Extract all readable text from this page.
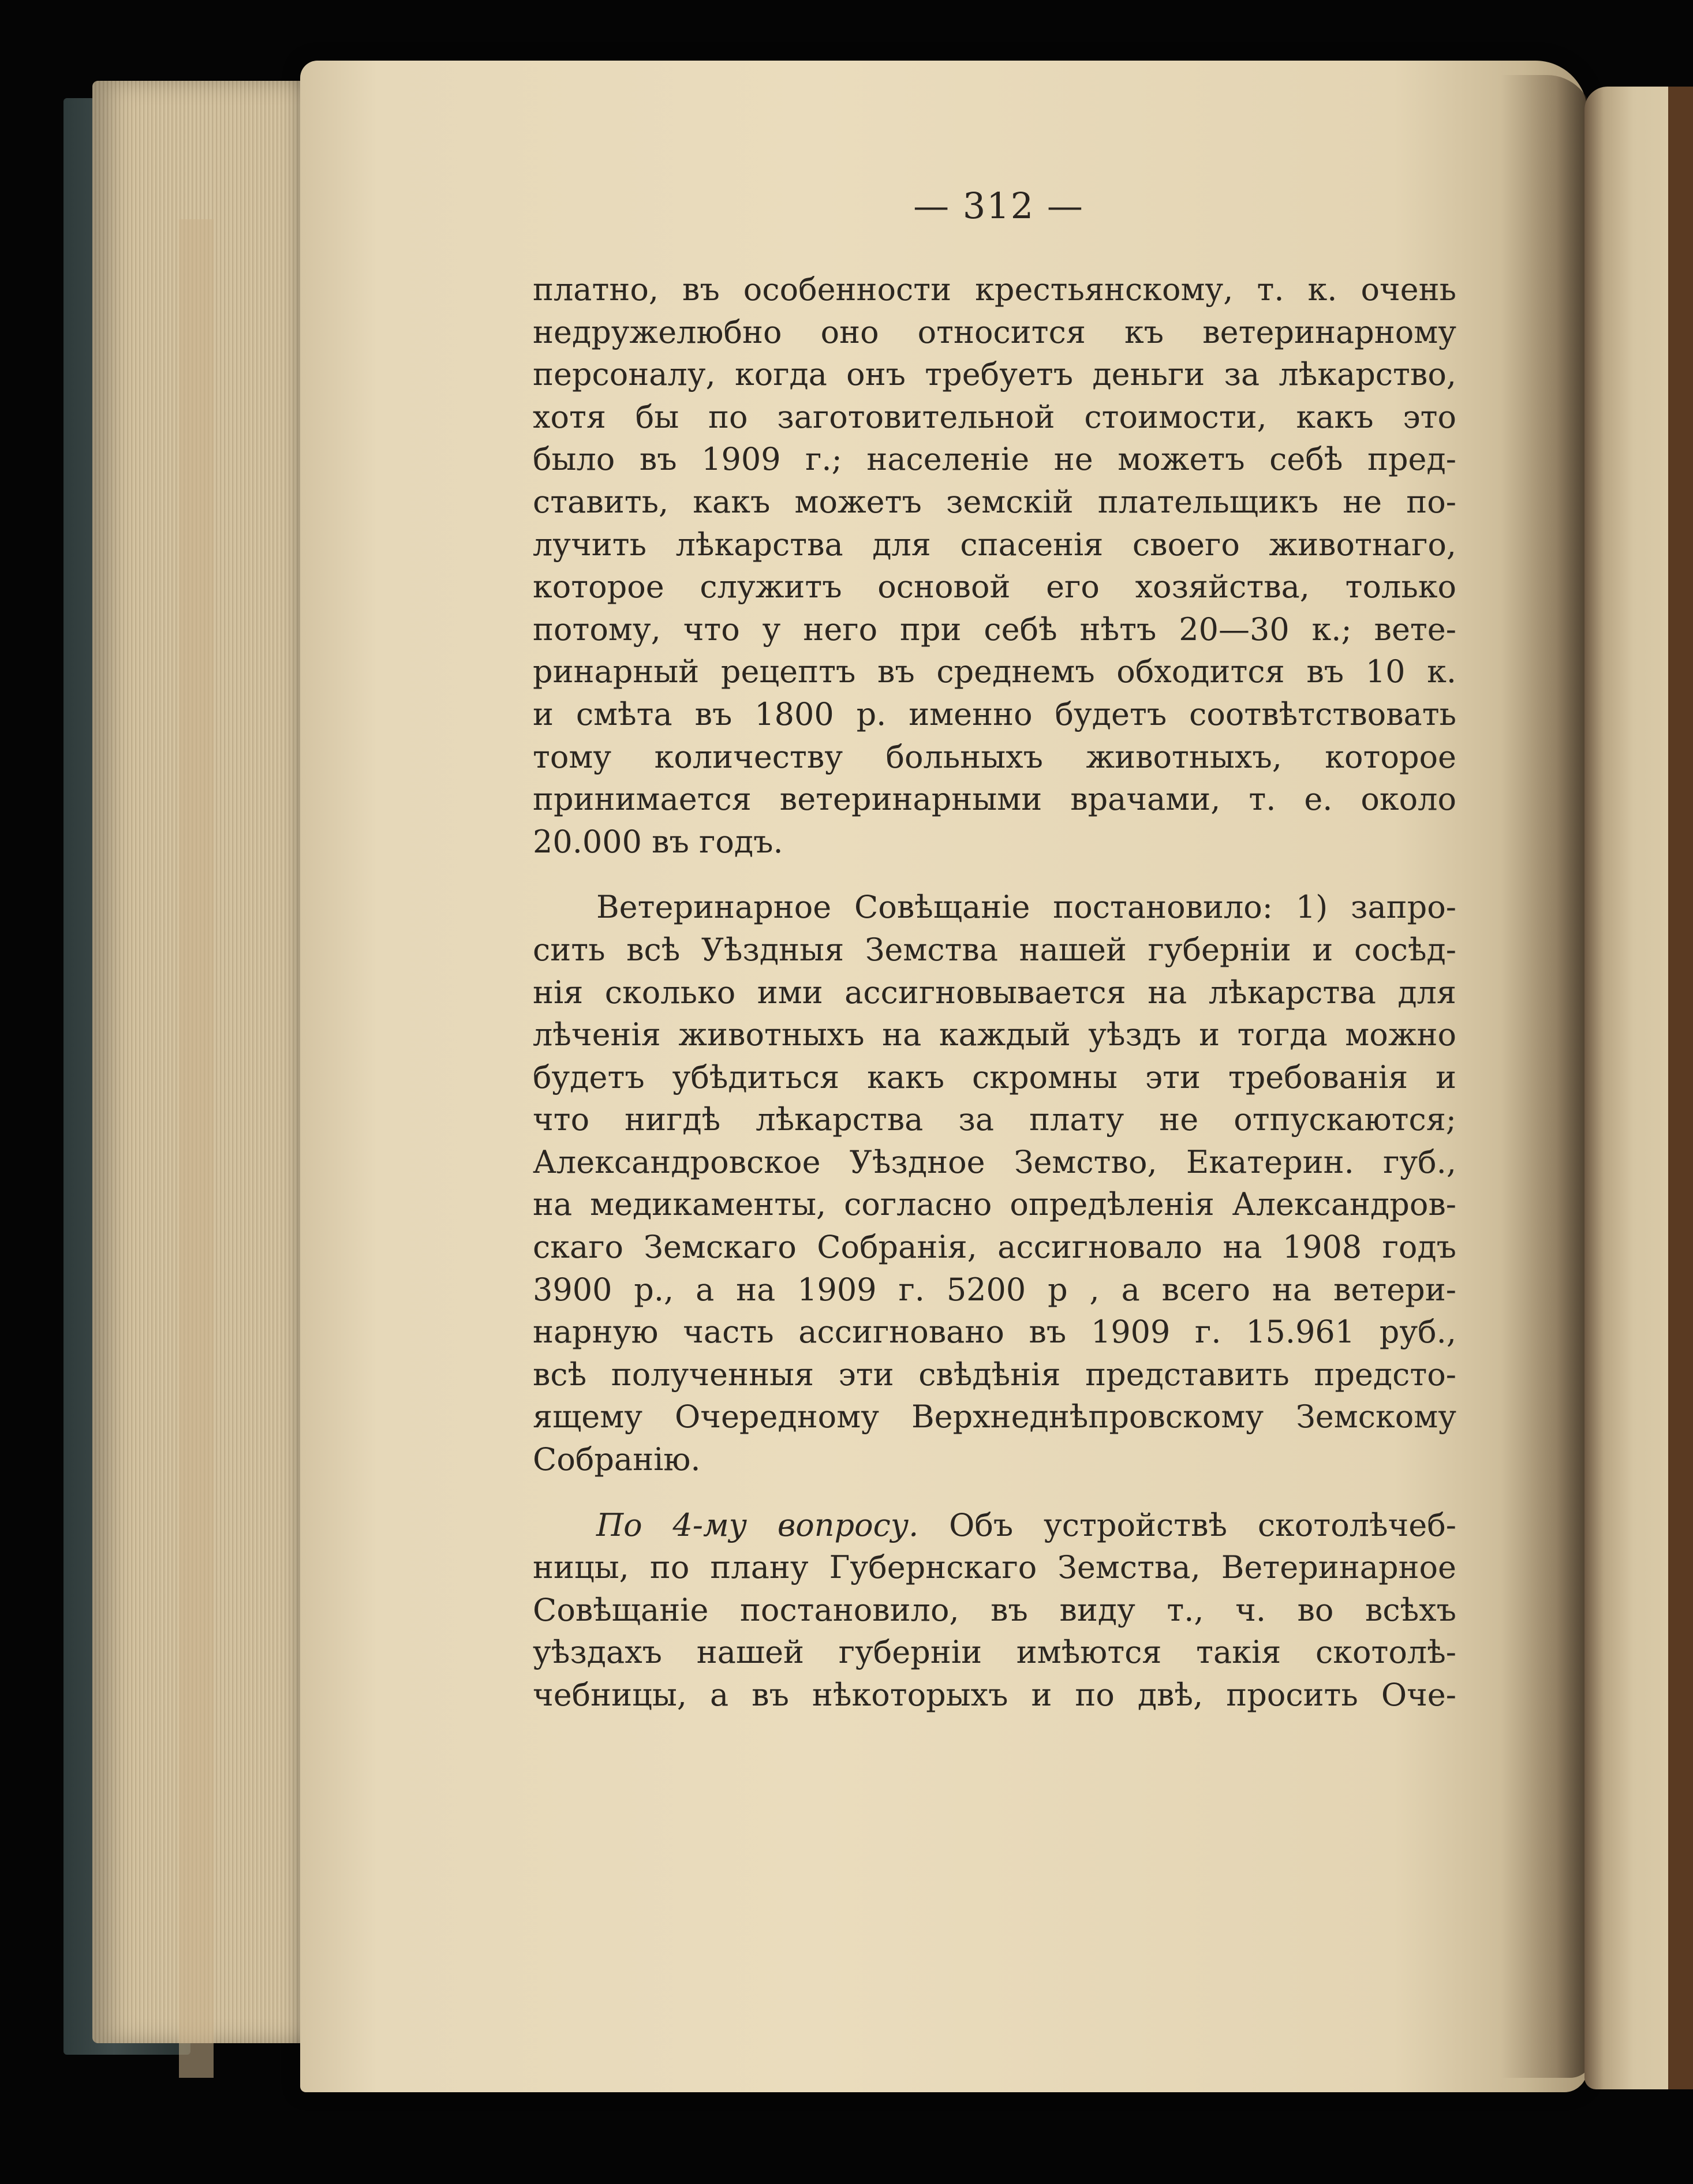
— 312 —
платно, въ особенности крестьянскому, т. к. очень
недружелюбно оно относится къ ветеринарному
персоналу, когда онъ требуетъ деньги за лѣкарство,
хотя бы по заготовительной стоимости, какъ это
было въ 1909 г.; населеніе не можетъ себѣ пред-
ставить, какъ можетъ земскій плательщикъ не по-
лучить лѣкарства для спасенія своего животнаго,
которое служитъ основой его хозяйства, только
потому, что у него при себѣ нѣтъ 20—30 к.; вете-
ринарный рецептъ въ среднемъ обходится въ 10 к.
и смѣта въ 1800 р. именно будетъ соотвѣтствовать
тому количеству больныхъ животныхъ, которое
принимается ветеринарными врачами, т. е. около
20.000 въ годъ.
Ветеринарное Совѣщаніе постановило: 1) запро-
сить всѣ Уѣздныя Земства нашей губерніи и сосѣд-
нія сколько ими ассигновывается на лѣкарства для
лѣченія животныхъ на каждый уѣздъ и тогда можно
будетъ убѣдиться какъ скромны эти требованія и
что нигдѣ лѣкарства за плату не отпускаются;
Александровское Уѣздное Земство, Екатерин. губ.,
на медикаменты, согласно опредѣленія Александров-
скаго Земскаго Собранія, ассигновало на 1908 годъ
3900 р., а на 1909 г. 5200 р , а всего на ветери-
нарную часть ассигновано въ 1909 г. 15.961 руб.,
всѣ полученныя эти свѣдѣнія представить предсто-
ящему Очередному Верхнеднѣпровскому Земскому
Собранію.
По 4-му вопросу. Объ устройствѣ скотолѣчеб-
ницы, по плану Губернскаго Земства, Ветеринарное
Совѣщаніе постановило, въ виду т., ч. во всѣхъ
уѣздахъ нашей губерніи имѣются такія скотолѣ-
чебницы, а въ нѣкоторыхъ и по двѣ, просить Оче-
